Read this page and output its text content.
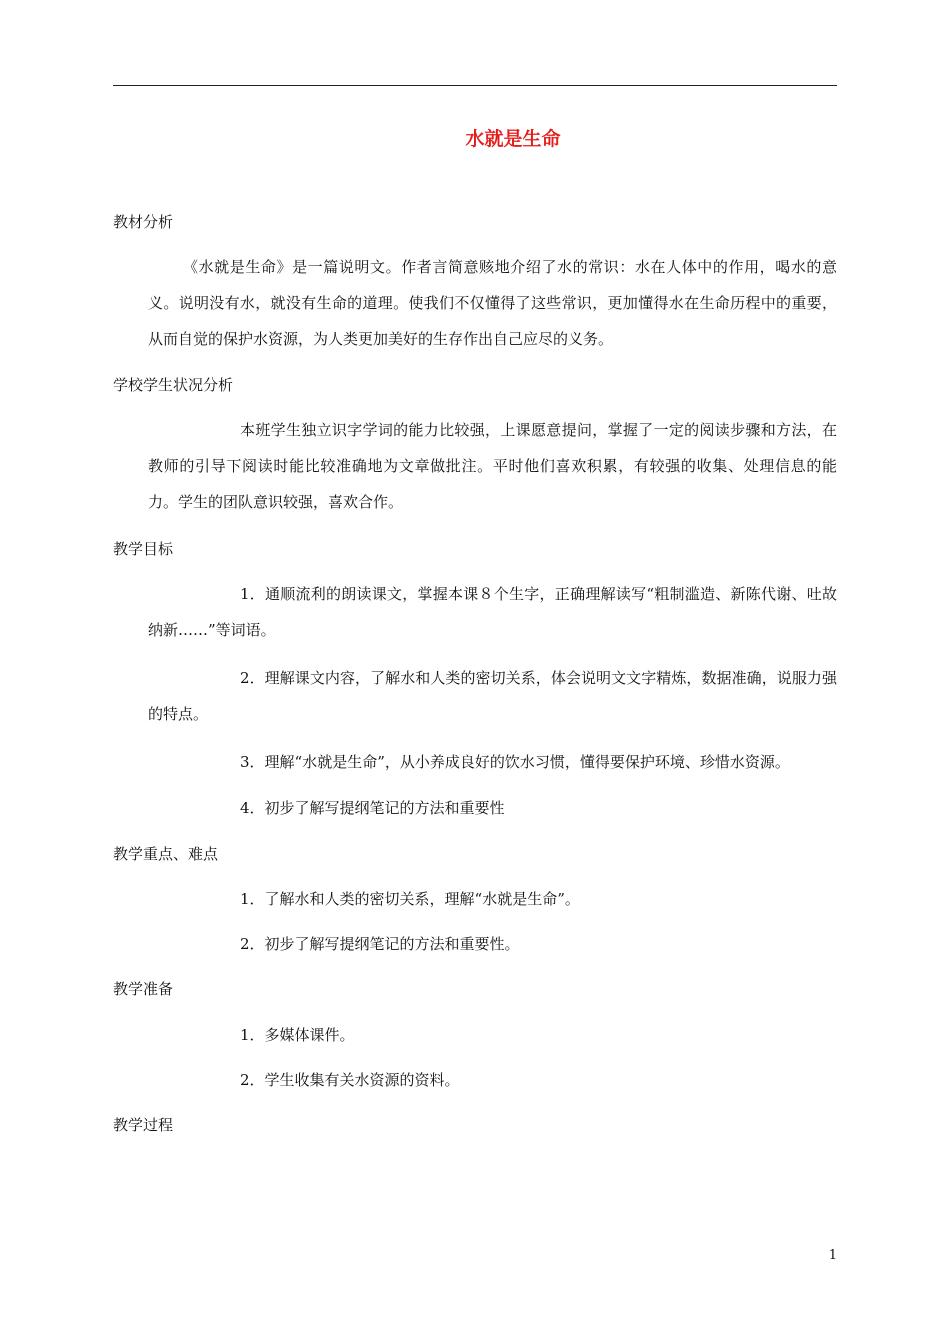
水就是生命
教材分析
《水就是生命》是一篇说明文。作者言简意赅地介绍了水的常识：水在人体中的作用，喝水的意义。说明没有水，就没有生命的道理。使我们不仅懂得了这些常识，更加懂得水在生命历程中的重要，从而自觉的保护水资源，为人类更加美好的生存作出自己应尽的义务。
学校学生状况分析
本班学生独立识字学词的能力比较强，上课愿意提问，掌握了一定的阅读步骤和方法，在教师的引导下阅读时能比较准确地为文章做批注。平时他们喜欢积累，有较强的收集、处理信息的能力。学生的团队意识较强，喜欢合作。
教学目标
1．通顺流利的朗读课文，掌握本课８个生字，正确理解读写“粗制滥造、新陈代谢、吐故纳新……”等词语。
2．理解课文内容，了解水和人类的密切关系，体会说明文文字精炼，数据准确，说服力强的特点。
3．理解“水就是生命”，从小养成良好的饮水习惯，懂得要保护环境、珍惜水资源。
4．初步了解写提纲笔记的方法和重要性
教学重点、难点
1．了解水和人类的密切关系，理解“水就是生命”。
2．初步了解写提纲笔记的方法和重要性。
教学准备
1．多媒体课件。
2．学生收集有关水资源的资料。
教学过程
1
